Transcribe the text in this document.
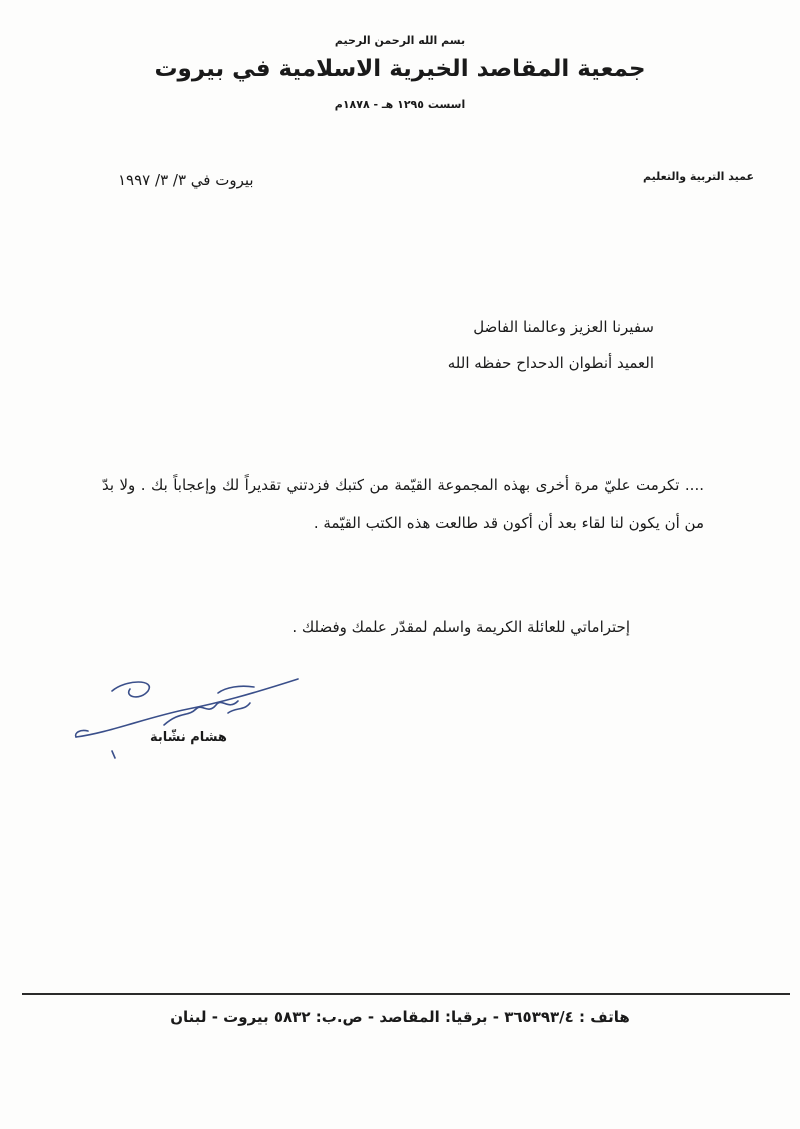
بسم الله الرحمن الرحيم
جمعية المقاصد الخيرية الاسلامية في بيروت
اسست ١٢٩٥ هـ - ١٨٧٨م
عميد التربية والتعليم
بيروت في ٣/ ٣/ ١٩٩٧
سفيرنا العزيز وعالمنا الفاضل
العميد أنطوان الدحداح حفظه الله
.... تكرمت عليّ مرة أخرى بهذه المجموعة القيّمة من كتبك فزدتني تقديراً لك وإعجاباً بك . ولا بدّ من أن يكون لنا لقاء بعد أن أكون قد طالعت هذه الكتب القيّمة .
إحتراماتي للعائلة الكريمة واسلم لمقدّر علمك وفضلك .
هشام نشّابة
هاتف : ٣٦٥٣٩٣/٤ - برقيا: المقاصد - ص.ب: ٥٨٣٢ بيروت - لبنان
